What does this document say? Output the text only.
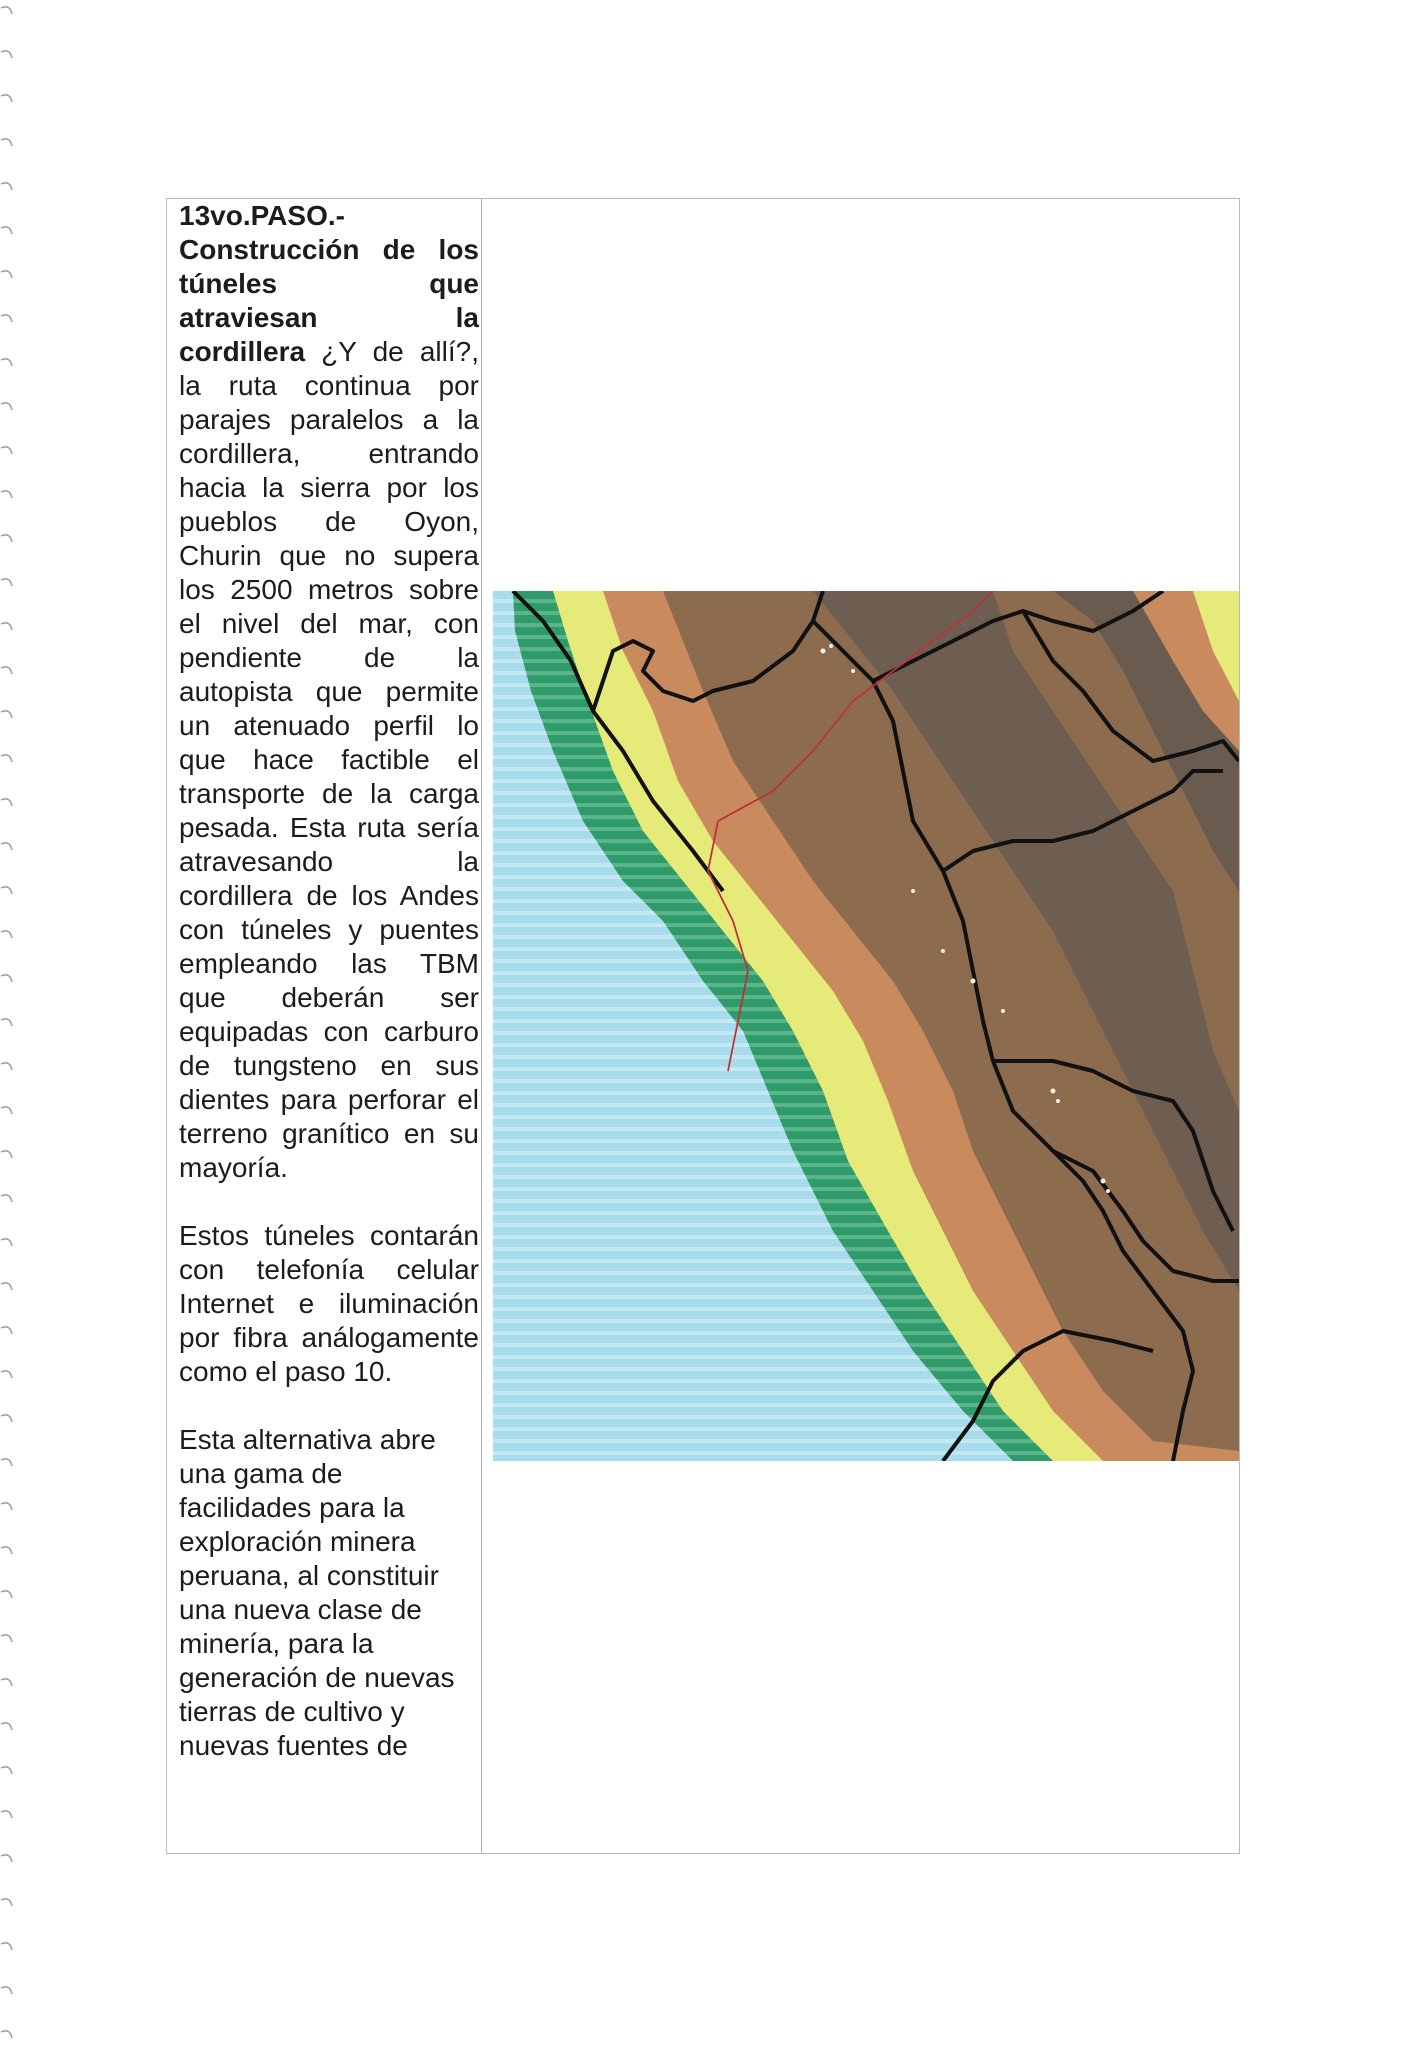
13vo.PASO.-
Construcción de los túneles que atraviesan la cordillera ¿Y de allí?, la ruta continua por parajes paralelos a la cordillera, entrando hacia la sierra por los pueblos de Oyon, Churin que no supera los 2500 metros sobre el nivel del mar, con pendiente de la autopista que permite un atenuado perfil lo que hace factible el transporte de la carga pesada. Esta ruta sería atravesando la cordillera de los Andes con túneles y puentes empleando las TBM que deberán ser equipadas con carburo de tungsteno en sus dientes para perforar el terreno granítico en su mayoría.

Estos túneles contarán con telefonía celular Internet e iluminación por fibra análogamente como el paso 10.

Esta alternativa abre una gama de facilidades para la exploración minera peruana, al constituir una nueva clase de minería, para la generación de nuevas tierras de cultivo y nuevas fuentes de
